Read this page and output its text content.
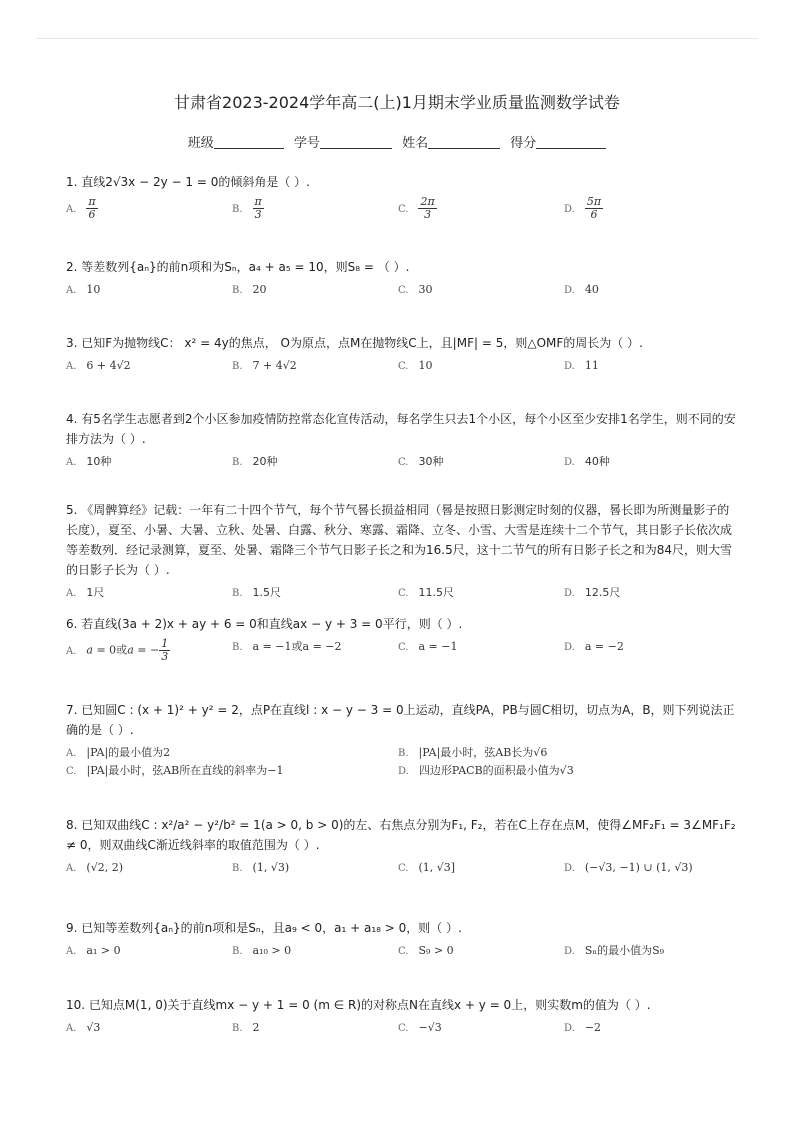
甘肃省2023-2024学年高二(上)1月期末学业质量监测数学试卷
班级	学号	姓名	得分
1. 直线2√3x − 2y − 1 = 0的倾斜角是（ ）.
A. $\frac{\pi}{6}$	B. $\frac{\pi}{3}$	C. $\frac{2\pi}{3}$	D. $\frac{5\pi}{6}$
2. 等差数列{aₙ}的前n项和为Sₙ，a₄ + a₅ = 10，则S₈ = （ ）.
A. 10	B. 20	C. 30	D. 40
3. 已知F为抛物线C： x² = 4y的焦点， O为原点，点M在抛物线C上，且|MF| = 5，则△OMF的周长为（ ）.
A. 6 + 4√2	B. 7 + 4√2	C. 10	D. 11
4. 有5名学生志愿者到2个小区参加疫情防控常态化宣传活动，每名学生只去1个小区，每个小区至少安排1名学生，则不同的安排方法为（ ）.
A. 10种	B. 20种	C. 30种	D. 40种
5. 《周髀算经》记载：一年有二十四个节气，每个节气晷长损益相同（晷是按照日影测定时刻的仪器，晷长即为所测量影子的长度），夏至、小暑、大暑、立秋、处暑、白露、秋分、寒露、霜降、立冬、小雪、大雪是连续十二个节气，其日影子长依次成等差数列．经记录测算，夏至、处暑、霜降三个节气日影子长之和为16.5尺，这十二节气的所有日影子长之和为84尺，则大雪的日影子长为（ ）.
A. 1尺	B. 1.5尺	C. 11.5尺	D. 12.5尺
6. 若直线(3a + 2)x + ay + 6 = 0和直线ax − y + 3 = 0平行，则（ ）.
A. a = 0或a = − $\frac{1}{3}$	B. a = −1或a = −2	C. a = −1	D. a = −2
7. 已知圆C : (x + 1)² + y² = 2，点P在直线l : x − y − 3 = 0上运动，直线PA，PB与圆C相切，切点为A，B，则下列说法正确的是（ ）.
A. |PA|的最小值为2	B. |PA|最小时，弦AB长为√6
C. |PA|最小时，弦AB所在直线的斜率为−1	D. 四边形PACB的面积最小值为√3
8. 已知双曲线C : x²/a² − y²/b² = 1(a > 0, b > 0)的左、右焦点分别为F₁, F₂，若在C上存在点M，使得∠MF₂F₁ = 3∠MF₁F₂ ≠ 0，则双曲线C渐近线斜率的取值范围为（ ）.
A. (√2, 2)	B. (1, √3)	C. (1, √3]	D. (−√3, −1) ∪ (1, √3)
9. 已知等差数列{aₙ}的前n项和是Sₙ，且a₉ < 0，a₁ + a₁₈ > 0，则（ ）.
A. a₁ > 0	B. a₁₀ > 0	C. S₉ > 0	D. Sₙ的最小值为S₉
10. 已知点M(1, 0)关于直线mx − y + 1 = 0 (m ∈ R)的对称点N在直线x + y = 0上，则实数m的值为（ ）.
A. √3	B. 2	C. −√3	D. −2
